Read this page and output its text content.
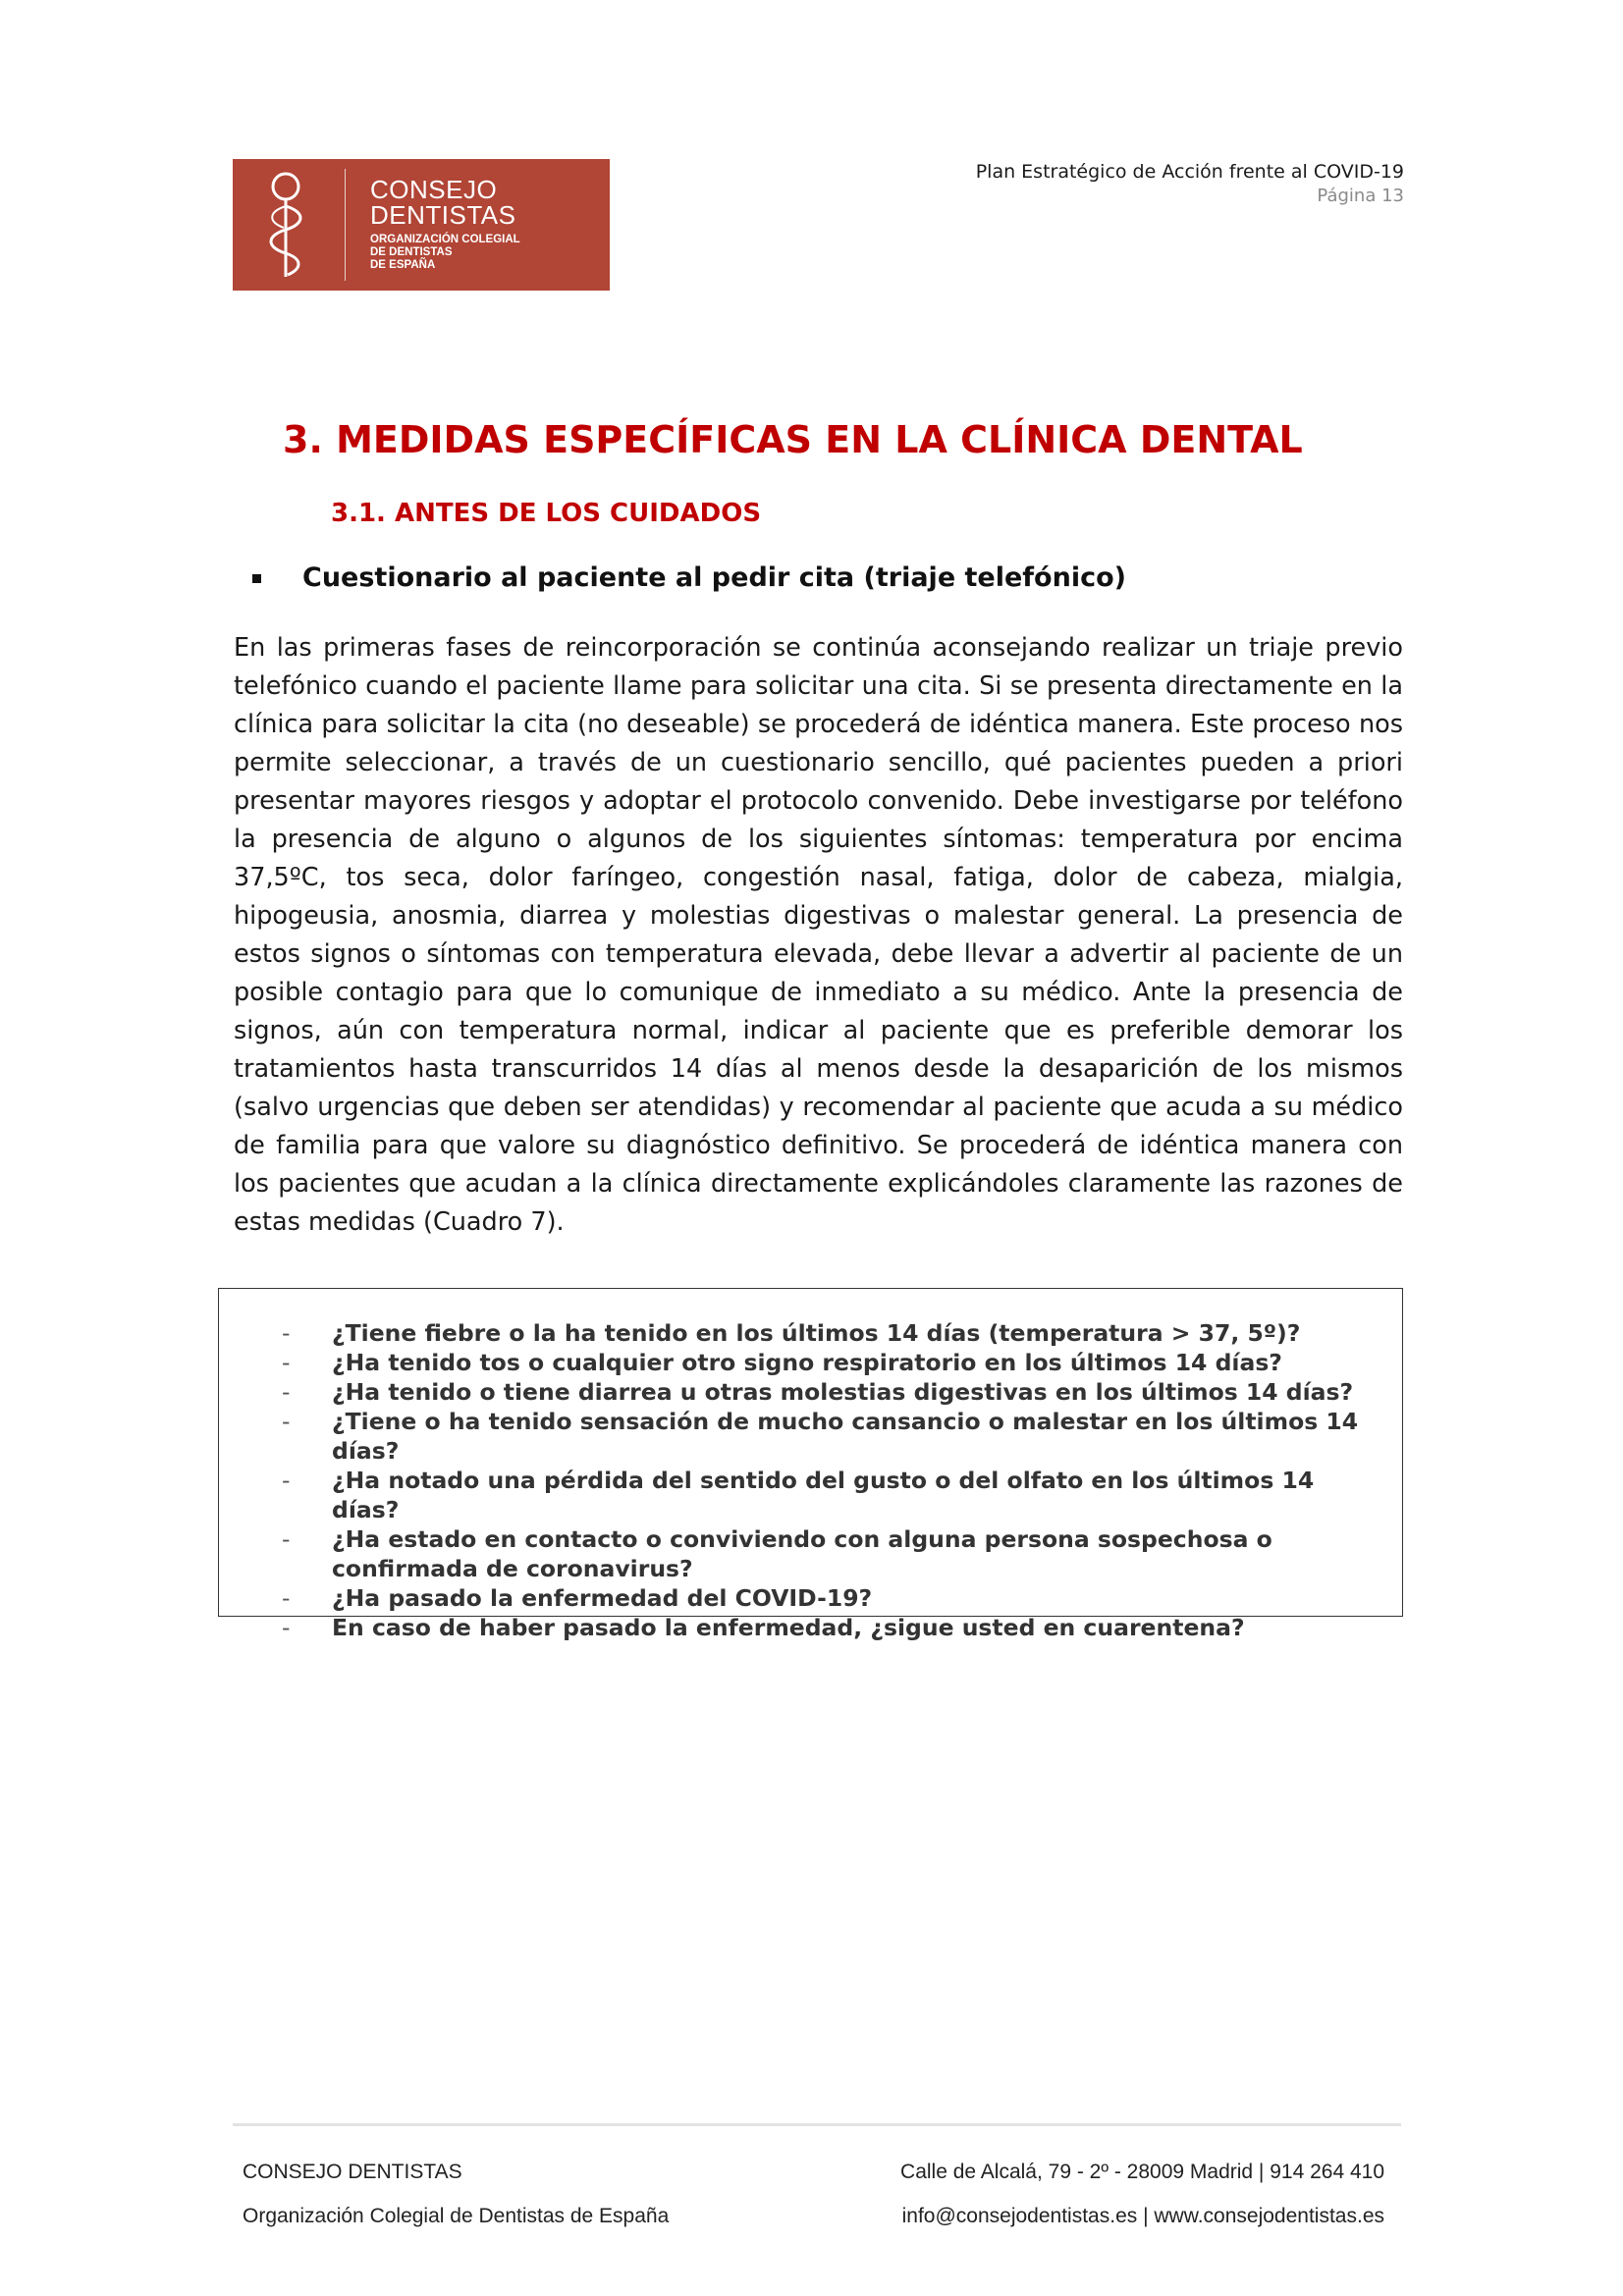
CONSEJO
DENTISTAS
ORGANIZACIÓN COLEGIAL
DE DENTISTAS
DE ESPAÑA
Plan Estratégico de Acción frente al COVID-19
Página 13
3. MEDIDAS ESPECÍFICAS EN LA CLÍNICA DENTAL
3.1. ANTES DE LOS CUIDADOS
Cuestionario al paciente al pedir cita (triaje telefónico)

En las primeras fases de reincorporación se continúa aconsejando realizar un triaje previo telefónico cuando el paciente llame para solicitar una cita. Si se presenta directamente en la clínica para solicitar la cita (no deseable) se procederá de idéntica manera. Este proceso nos permite seleccionar, a través de un cuestionario sencillo, qué pacientes pueden a priori presentar mayores riesgos y adoptar el protocolo convenido. Debe investigarse por teléfono la presencia de alguno o algunos de los siguientes síntomas: temperatura por encima 37,5ºC, tos seca, dolor faríngeo, congestión nasal, fatiga, dolor de cabeza, mialgia, hipogeusia, anosmia, diarrea y molestias digestivas o malestar general. La presencia de estos signos o síntomas con temperatura elevada, debe llevar a advertir al paciente de un posible contagio para que lo comunique de inmediato a su médico. Ante la presencia de signos, aún con temperatura normal, indicar al paciente que es preferible demorar los tratamientos hasta transcurridos 14 días al menos desde la desaparición de los mismos (salvo urgencias que deben ser atendidas) y recomendar al paciente que acuda a su médico de familia para que valore su diagnóstico definitivo. Se procederá de idéntica manera con los pacientes que acudan a la clínica directamente explicándoles claramente las razones de estas medidas (Cuadro 7).

- ¿Tiene fiebre o la ha tenido en los últimos 14 días (temperatura > 37, 5º)?
- ¿Ha tenido tos o cualquier otro signo respiratorio en los últimos 14 días?
- ¿Ha tenido o tiene diarrea u otras molestias digestivas en los últimos 14 días?
- ¿Tiene o ha tenido sensación de mucho cansancio o malestar en los últimos 14 días?
- ¿Ha notado una pérdida del sentido del gusto o del olfato en los últimos 14 días?
- ¿Ha estado en contacto o conviviendo con alguna persona sospechosa o confirmada de coronavirus?
- ¿Ha pasado la enfermedad del COVID-19?
- En caso de haber pasado la enfermedad, ¿sigue usted en cuarentena?
CONSEJO DENTISTAS
Organización Colegial de Dentistas de España
Calle de Alcalá, 79 - 2º - 28009 Madrid | 914 264 410
info@consejodentistas.es | www.consejodentistas.es
